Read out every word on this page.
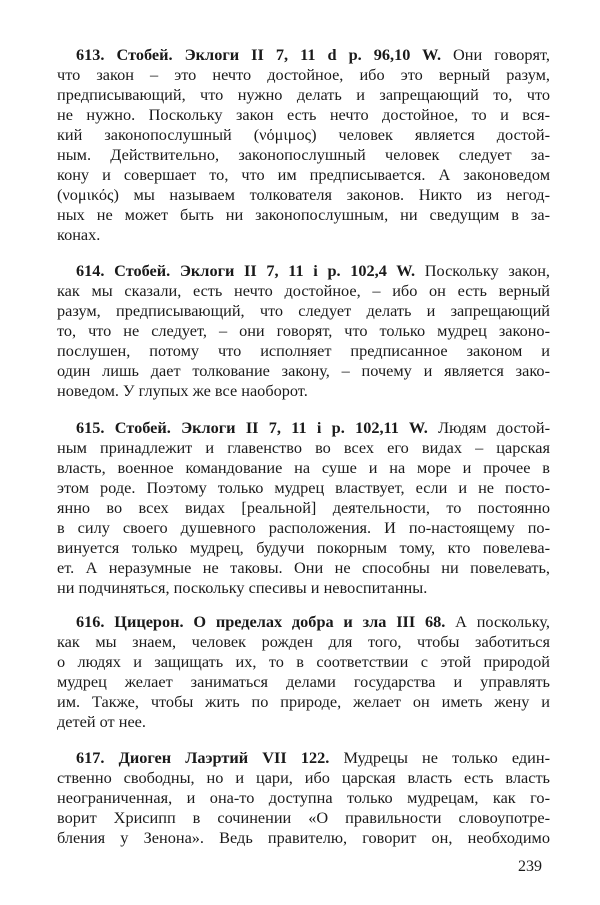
613. Стобей. Эклоги II 7, 11 d p. 96,10 W. Они говорят,
что закон – это нечто достойное, ибо это верный разум,
предписывающий, что нужно делать и запрещающий то, что
не нужно. Поскольку закон есть нечто достойное, то и вся-
кий законопослушный (νόμιμος) человек является достой-
ным. Действительно, законопослушный человек следует за-
кону и совершает то, что им предписывается. А законоведом
(νομικός) мы называем толкователя законов. Никто из негод-
ных не может быть ни законопослушным, ни сведущим в за-
конах.
614. Стобей. Эклоги II 7, 11 i p. 102,4 W. Поскольку закон,
как мы сказали, есть нечто достойное, – ибо он есть верный
разум, предписывающий, что следует делать и запрещающий
то, что не следует, – они говорят, что только мудрец законо-
послушен, потому что исполняет предписанное законом и
один лишь дает толкование закону, – почему и является зако-
новедом. У глупых же все наоборот.
615. Стобей. Эклоги II 7, 11 i p. 102,11 W. Людям достой-
ным принадлежит и главенство во всех его видах – царская
власть, военное командование на суше и на море и прочее в
этом роде. Поэтому только мудрец властвует, если и не посто-
янно во всех видах [реальной] деятельности, то постоянно
в силу своего душевного расположения. И по-настоящему по-
винуется только мудрец, будучи покорным тому, кто повелева-
ет. А неразумные не таковы. Они не способны ни повелевать,
ни подчиняться, поскольку спесивы и невоспитанны.
616. Цицерон. О пределах добра и зла III 68. А поскольку,
как мы знаем, человек рожден для того, чтобы заботиться
о людях и защищать их, то в соответствии с этой природой
мудрец желает заниматься делами государства и управлять
им. Также, чтобы жить по природе, желает он иметь жену и
детей от нее.
617. Диоген Лаэртий VII 122. Мудрецы не только един-
ственно свободны, но и цари, ибо царская власть есть власть
неограниченная, и она-то доступна только мудрецам, как го-
ворит Хрисипп в сочинении «О правильности словоупотре-
бления у Зенона». Ведь правителю, говорит он, необходимо
239
